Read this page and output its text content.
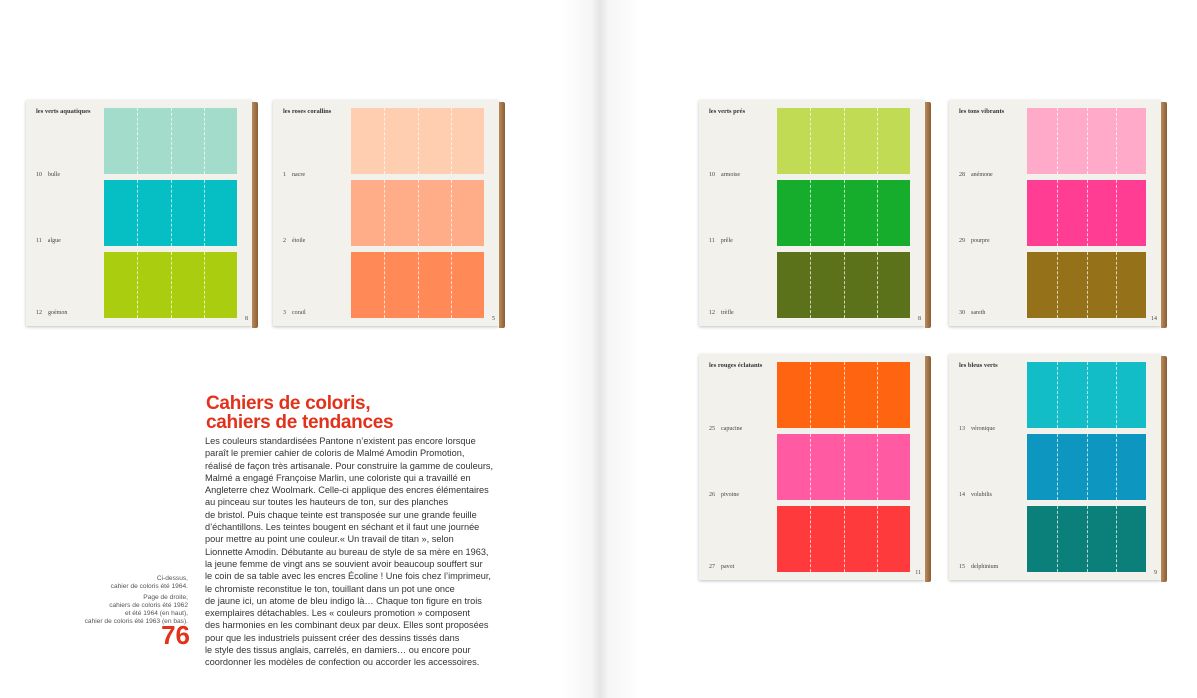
les verts aquatiques
10 bulle
11 algue
12 goémon
8
les roses corallins
1 nacre
2 étoile
3 corail
5
les verts prés
10 armoise
11 prêle
12 trèfle
8
les tons vibrants
28 anémone
29 pourpre
30 sareth
14
les rouges éclatants
25 capucine
26 pivoine
27 pavot
11
les bleus verts
13 véronique
14 volubilis
15 delphinium
9
Cahiers de coloris,
cahiers de tendances
Les couleurs standardisées Pantone n’existent pas encore lorsque
paraît le premier cahier de coloris de Malmé Amodin Promotion,
réalisé de façon très artisanale. Pour construire la gamme de couleurs,
Malmé a engagé Françoise Marlin, une coloriste qui a travaillé en
Angleterre chez Woolmark. Celle-ci applique des encres élémentaires
au pinceau sur toutes les hauteurs de ton, sur des planches
de bristol. Puis chaque teinte est transposée sur une grande feuille
d’échantillons. Les teintes bougent en séchant et il faut une journée
pour mettre au point une couleur.« Un travail de titan », selon
Lionnette Amodin. Débutante au bureau de style de sa mère en 1963,
la jeune femme de vingt ans se souvient avoir beaucoup souffert sur
le coin de sa table avec les encres Écoline ! Une fois chez l’imprimeur,
le chromiste reconstitue le ton, touillant dans un pot une once
de jaune ici, un atome de bleu indigo là… Chaque ton figure en trois
exemplaires détachables. Les « couleurs promotion » composent
des harmonies en les combinant deux par deux. Elles sont proposées
pour que les industriels puissent créer des dessins tissés dans
le style des tissus anglais, carrelés, en damiers… ou encore pour
coordonner les modèles de confection ou accorder les accessoires.
Ci-dessus,
cahier de coloris été 1964.
Page de droite,
cahiers de coloris été 1962
et été 1964 (en haut),
cahier de coloris été 1963 (en bas).
76
